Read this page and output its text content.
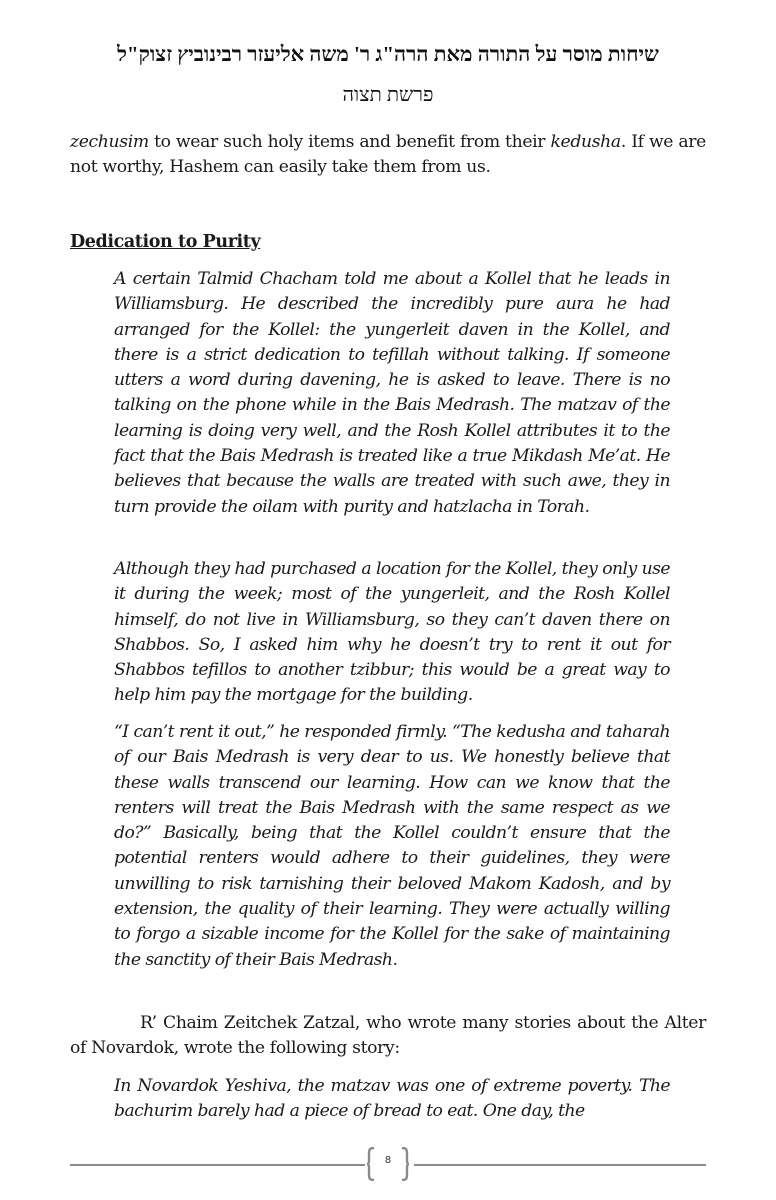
שיחות מוסר על התורה מאת הרה"ג ר' משה אליעזר רבינוביץ זצוק"ל
פרשת תצוה

zechusim to wear such holy items and benefit from their kedusha. If we are not worthy, Hashem can easily take them from us.

Dedication to Purity

A certain Talmid Chacham told me about a Kollel that he leads in Williamsburg. He described the incredibly pure aura he had arranged for the Kollel: the yungerleit daven in the Kollel, and there is a strict dedication to tefillah without talking. If someone utters a word during davening, he is asked to leave. There is no talking on the phone while in the Bais Medrash. The matzav of the learning is doing very well, and the Rosh Kollel attributes it to the fact that the Bais Medrash is treated like a true Mikdash Me’at. He believes that because the walls are treated with such awe, they in turn provide the oilam with purity and hatzlacha in Torah.

Although they had purchased a location for the Kollel, they only use it during the week; most of the yungerleit, and the Rosh Kollel himself, do not live in Williamsburg, so they can’t daven there on Shabbos. So, I asked him why he doesn’t try to rent it out for Shabbos tefillos to another tzibbur; this would be a great way to help him pay the mortgage for the building.

“I can’t rent it out,” he responded firmly. “The kedusha and taharah of our Bais Medrash is very dear to us. We honestly believe that these walls transcend our learning. How can we know that the renters will treat the Bais Medrash with the same respect as we do?” Basically, being that the Kollel couldn’t ensure that the potential renters would adhere to their guidelines, they were unwilling to risk tarnishing their beloved Makom Kadosh, and by extension, the quality of their learning. They were actually willing to forgo a sizable income for the Kollel for the sake of maintaining the sanctity of their Bais Medrash.

R’ Chaim Zeitchek Zatzal, who wrote many stories about the Alter of Novardok, wrote the following story:

In Novardok Yeshiva, the matzav was one of extreme poverty. The bachurim barely had a piece of bread to eat. One day, the

8
